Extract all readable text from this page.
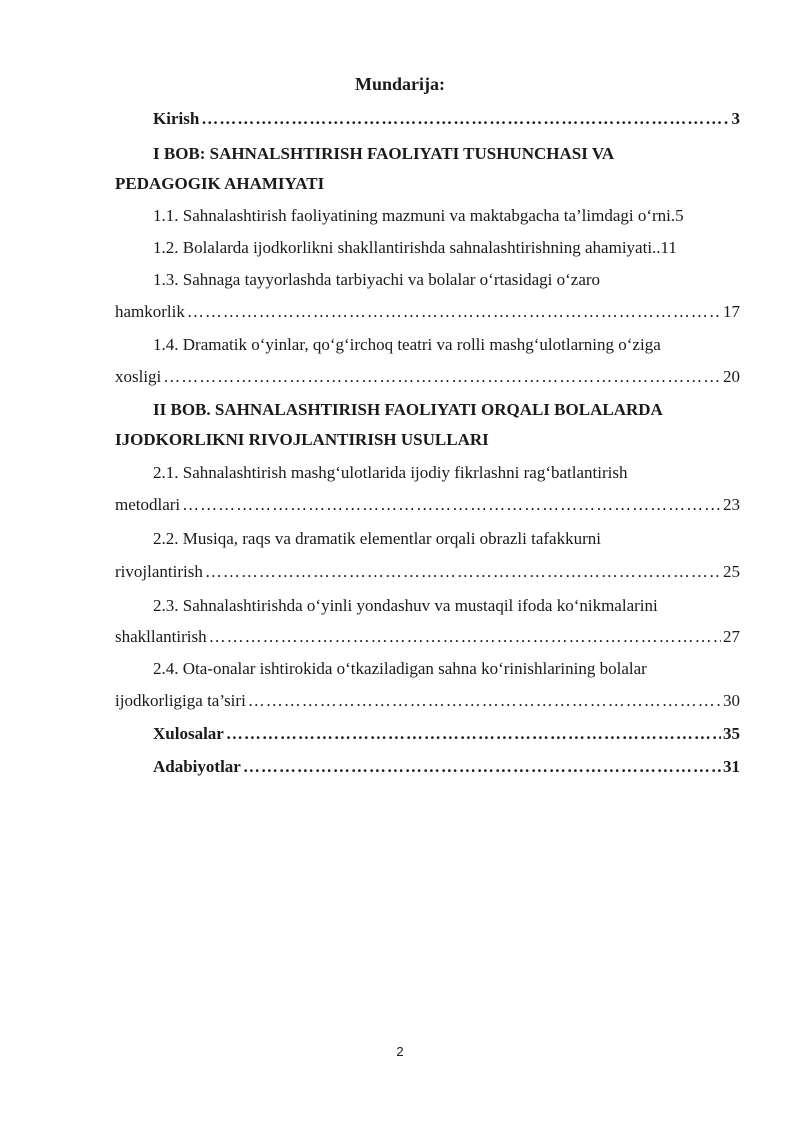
Mundarija:
Kirish ………………………………………………………………………………………………………………………………………………………………………………	3
I BOB: SAHNALSHTIRISH FAOLIYATI TUSHUNCHASI VA
PEDAGOGIK AHAMIYATI
1.1. Sahnalashtirish faoliyatining mazmuni va maktabgacha ta’limdagi o‘rni.5
1.2. Bolalarda ijodkorlikni shakllantirishda sahnalashtirishning ahamiyati..11
1.3. Sahnaga tayyorlashda tarbiyachi va bolalar o‘rtasidagi o‘zaro
hamkorlik ………………………………………………………………………………………………………………………………………………………………………………	17
1.4. Dramatik o‘yinlar, qo‘g‘irchoq teatri va rolli mashg‘ulotlarning o‘ziga
xosligi ………………………………………………………………………………………………………………………………………………………………………………	20
II BOB. SAHNALASHTIRISH FAOLIYATI ORQALI BOLALARDA
IJODKORLIKNI RIVOJLANTIRISH USULLARI
2.1. Sahnalashtirish mashg‘ulotlarida ijodiy fikrlashni rag‘batlantirish
metodlari ………………………………………………………………………………………………………………………………………………………………………………	23
2.2. Musiqa, raqs va dramatik elementlar orqali obrazli tafakkurni
rivojlantirish ………………………………………………………………………………………………………………………………………………………………………………	25
2.3. Sahnalashtirishda o‘yinli yondashuv va mustaqil ifoda ko‘nikmalarini
shakllantirish ………………………………………………………………………………………………………………………………………………………………………………	27
2.4. Ota-onalar ishtirokida o‘tkaziladigan sahna ko‘rinishlarining bolalar
ijodkorligiga ta’siri ………………………………………………………………………………………………………………………………………………………………………………	30
Xulosalar ………………………………………………………………………………………………………………………………………………………………………………	35
Adabiyotlar ………………………………………………………………………………………………………………………………………………………………………………	31
2
